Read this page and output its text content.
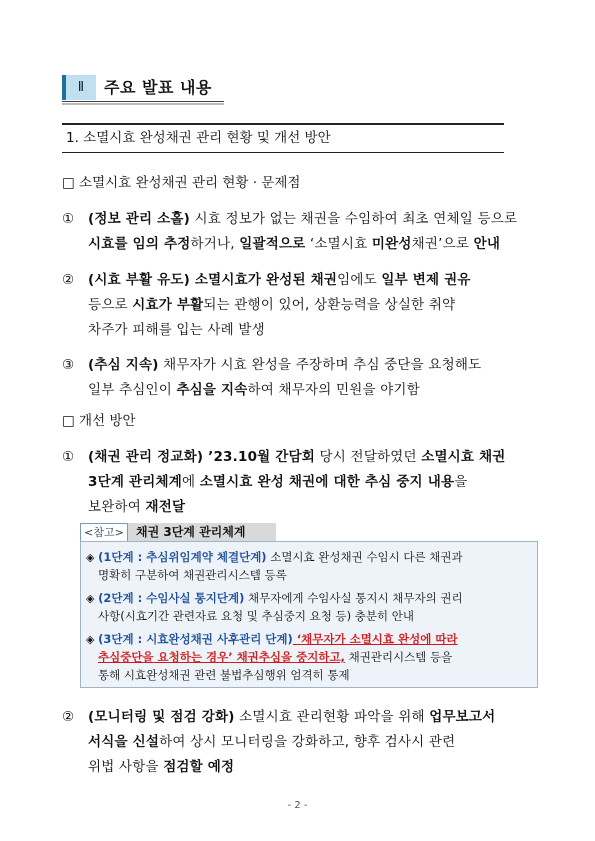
Ⅱ	주요 발표 내용
1. 소멸시효 완성채권 관리 현황 및 개선 방안
□ 소멸시효 완성채권 관리 현황 · 문제점
① (정보 관리 소홀) 시효 정보가 없는 채권을 수임하여 최초 연체일 등으로
시효를 임의 추정하거나, 일괄적으로 ‘소멸시효 미완성채권’으로 안내
② (시효 부활 유도) 소멸시효가 완성된 채권임에도 일부 변제 권유
등으로 시효가 부활되는 관행이 있어, 상환능력을 상실한 취약
차주가 피해를 입는 사례 발생
③ (추심 지속) 채무자가 시효 완성을 주장하며 추심 중단을 요청해도
일부 추심인이 추심을 지속하여 채무자의 민원을 야기함
□ 개선 방안
① (채권 관리 정교화) ’23.10월 간담회 당시 전달하였던 소멸시효 채권
3단계 관리체계에 소멸시효 완성 채권에 대한 추심 중지 내용을
보완하여 재전달
<참고>	채권 3단계 관리체계
◈ (1단계 : 추심위임계약 체결단계) 소멸시효 완성채권 수임시 다른 채권과
명확히 구분하여 채권관리시스템 등록
◈ (2단계 : 수임사실 통지단계) 채무자에게 수임사실 통지시 채무자의 권리
사항(시효기간 관련자료 요청 및 추심중지 요청 등) 충분히 안내
◈ (3단계 : 시효완성채권 사후관리 단계) ‘채무자가 소멸시효 완성에 따라
추심중단을 요청하는 경우’ 채권추심을 중지하고, 채권관리시스템 등을
통해 시효완성채권 관련 불법추심행위 엄격히 통제
② (모니터링 및 점검 강화) 소멸시효 관리현황 파악을 위해 업무보고서
서식을 신설하여 상시 모니터링을 강화하고, 향후 검사시 관련
위법 사항을 점검할 예정
- 2 -
